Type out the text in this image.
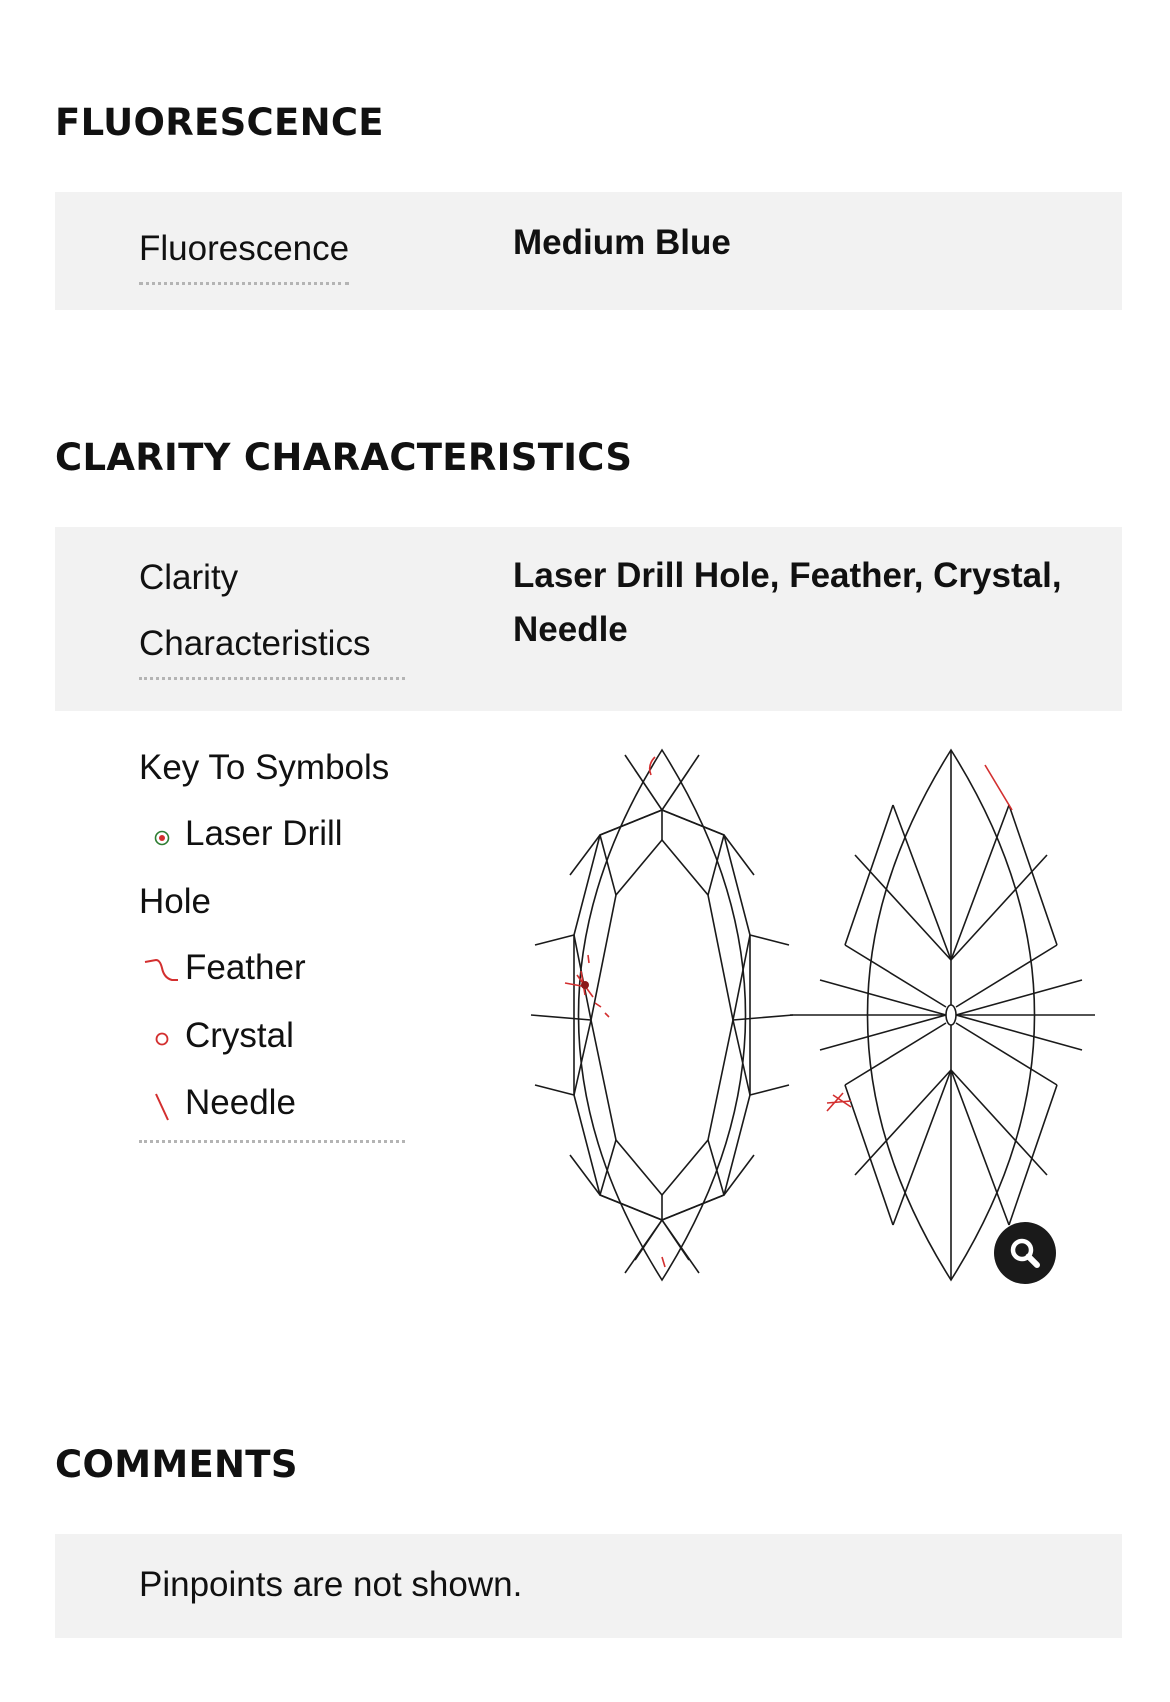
FLUORESCENCE
Fluorescence	Medium Blue
CLARITY CHARACTERISTICS
Clarity
Characteristics
Laser Drill Hole, Feather, Crystal,
Needle
Key To Symbols
Laser Drill
Hole
Feather
Crystal
Needle
COMMENTS
Pinpoints are not shown.
